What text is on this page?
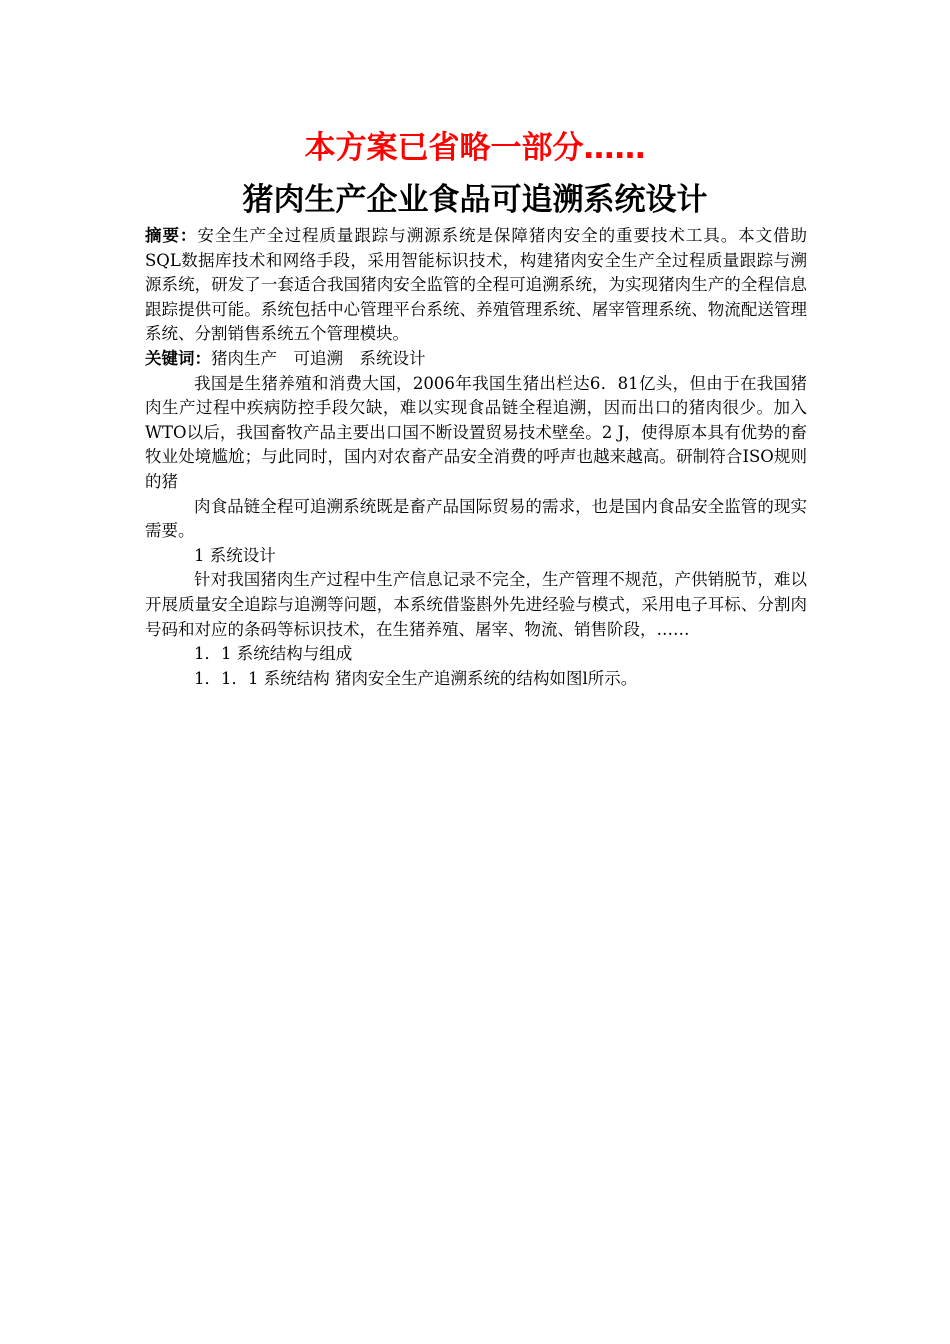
本方案已省略一部分……
猪肉生产企业食品可追溯系统设计

摘要：安全生产全过程质量跟踪与溯源系统是保障猪肉安全的重要技术工具。本文借助SQL数据库技术和网络手段，采用智能标识技术，构建猪肉安全生产全过程质量跟踪与溯源系统，研发了一套适合我国猪肉安全监管的全程可追溯系统，为实现猪肉生产的全程信息跟踪提供可能。系统包括中心管理平台系统、养殖管理系统、屠宰管理系统、物流配送管理系统、分割销售系统五个管理模块。

关键词：猪肉生产　可追溯　系统设计

我国是生猪养殖和消费大国，2006年我国生猪出栏达6．81亿头，但由于在我国猪肉生产过程中疾病防控手段欠缺，难以实现食品链全程追溯，因而出口的猪肉很少。加入WTO以后，我国畜牧产品主要出口国不断设置贸易技术壁垒。2 J，使得原本具有优势的畜牧业处境尴尬；与此同时，国内对农畜产品安全消费的呼声也越来越高。研制符合ISO规则的猪

肉食品链全程可追溯系统既是畜产品国际贸易的需求，也是国内食品安全监管的现实需要。

1 系统设计

针对我国猪肉生产过程中生产信息记录不完全，生产管理不规范，产供销脱节，难以开展质量安全追踪与追溯等问题，本系统借鉴斟外先进经验与模式，采用电子耳标、分割肉号码和对应的条码等标识技术，在生猪养殖、屠宰、物流、销售阶段，……

1．1 系统结构与组成

1．1．1 系统结构 猪肉安全生产追溯系统的结构如图l所示。
